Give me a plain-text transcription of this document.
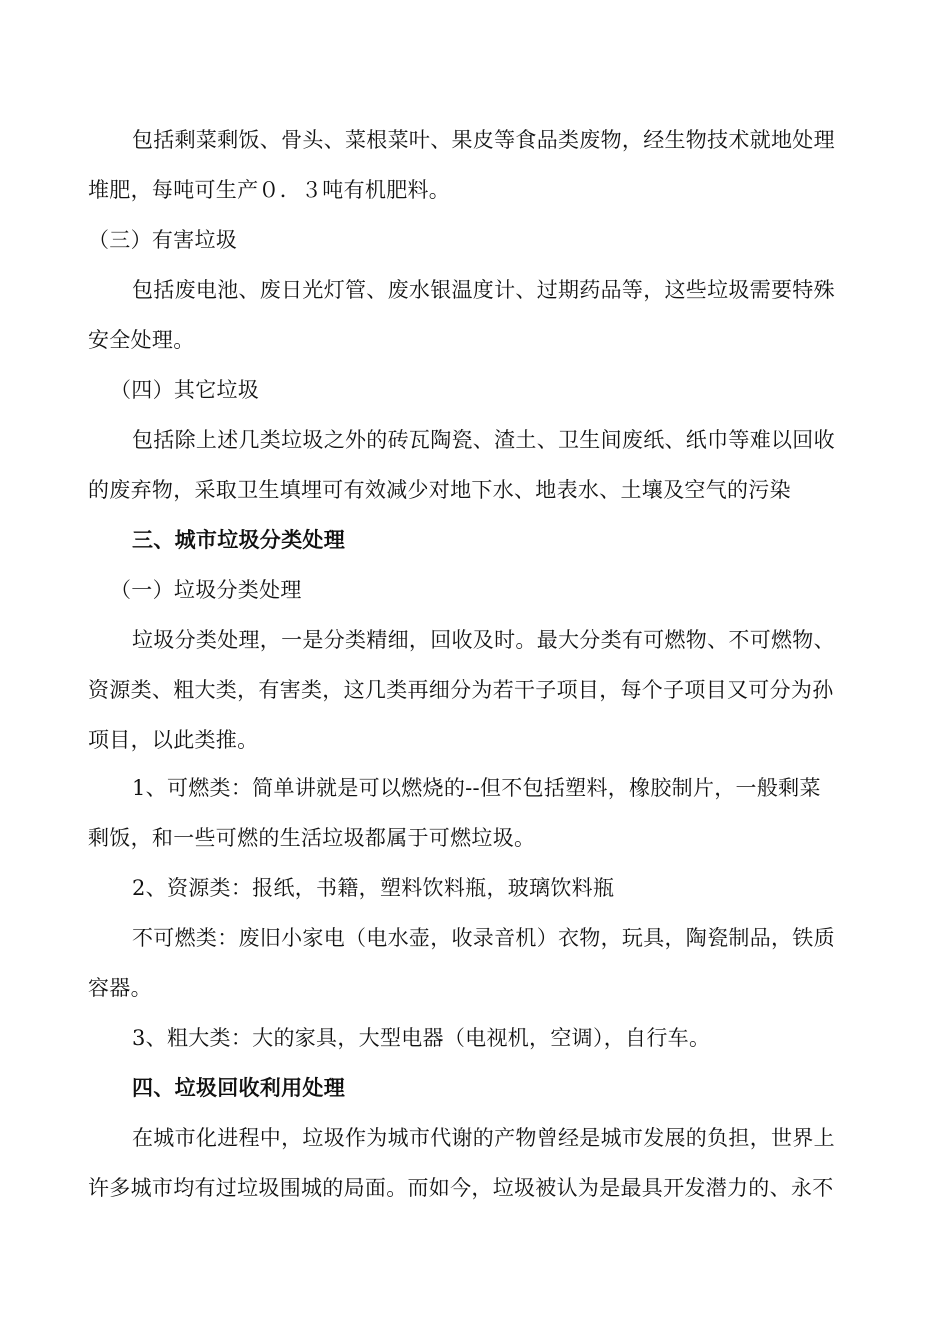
包括剩菜剩饭、骨头、菜根菜叶、果皮等食品类废物，经生物技术就地处理
堆肥，每吨可生产０．３吨有机肥料。
（三）有害垃圾
包括废电池、废日光灯管、废水银温度计、过期药品等，这些垃圾需要特殊
安全处理。
（四）其它垃圾
包括除上述几类垃圾之外的砖瓦陶瓷、渣土、卫生间废纸、纸巾等难以回收
的废弃物，采取卫生填埋可有效减少对地下水、地表水、土壤及空气的污染
三、城市垃圾分类处理
（一）垃圾分类处理
垃圾分类处理，一是分类精细，回收及时。最大分类有可燃物、不可燃物、
资源类、粗大类，有害类，这几类再细分为若干子项目，每个子项目又可分为孙
项目，以此类推。
1、可燃类：简单讲就是可以燃烧的--但不包括塑料，橡胶制片，一般剩菜
剩饭，和一些可燃的生活垃圾都属于可燃垃圾。
2、资源类：报纸，书籍，塑料饮料瓶，玻璃饮料瓶
不可燃类：废旧小家电（电水壶，收录音机）衣物，玩具，陶瓷制品，铁质
容器。
3、粗大类：大的家具，大型电器（电视机，空调），自行车。
四、垃圾回收利用处理
在城市化进程中，垃圾作为城市代谢的产物曾经是城市发展的负担，世界上
许多城市均有过垃圾围城的局面。而如今，垃圾被认为是最具开发潜力的、永不
